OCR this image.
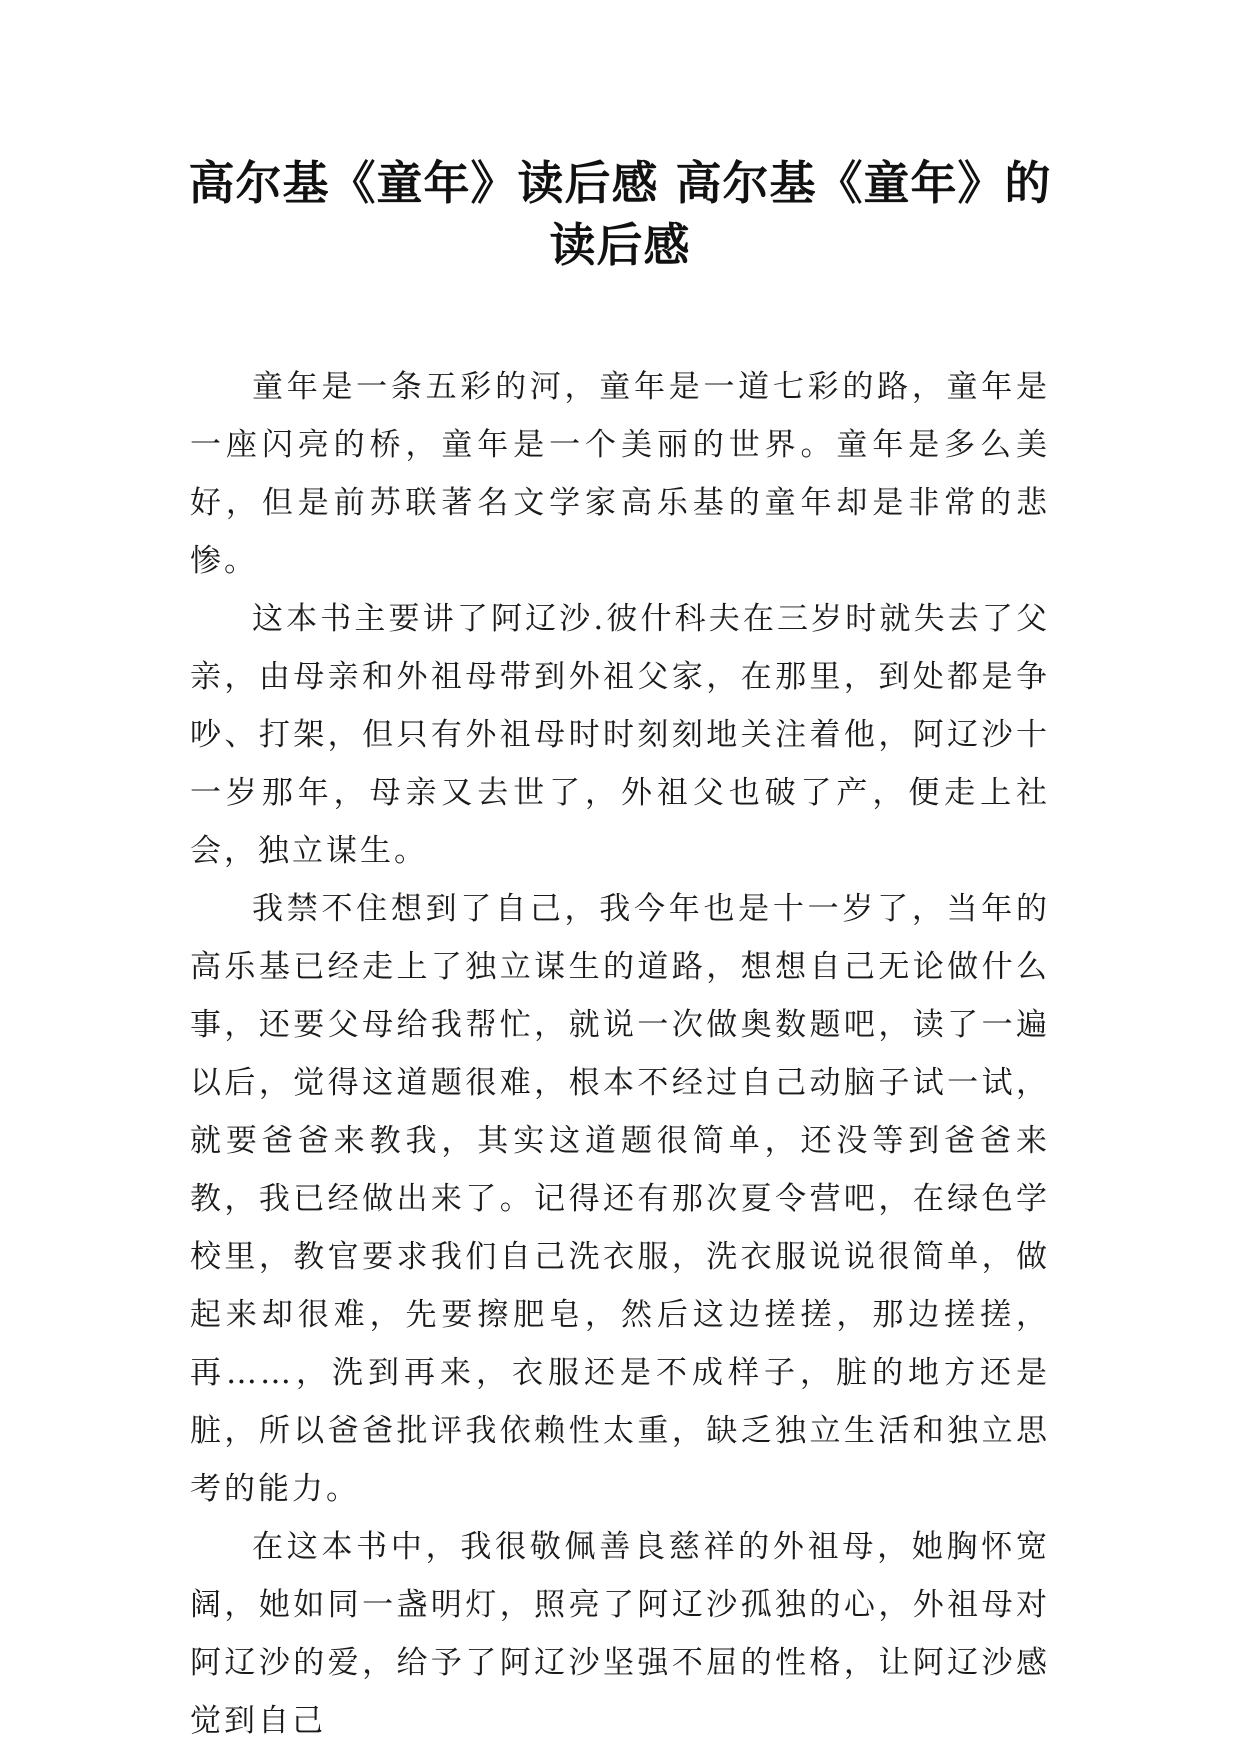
高尔基《童年》读后感 高尔基《童年》的读后感

童年是一条五彩的河，童年是一道七彩的路，童年是一座闪亮的桥，童年是一个美丽的世界。童年是多么美好，但是前苏联著名文学家高乐基的童年却是非常的悲惨。

这本书主要讲了阿辽沙.彼什科夫在三岁时就失去了父亲，由母亲和外祖母带到外祖父家，在那里，到处都是争吵、打架，但只有外祖母时时刻刻地关注着他，阿辽沙十一岁那年，母亲又去世了，外祖父也破了产，便走上社会，独立谋生。

我禁不住想到了自己，我今年也是十一岁了，当年的高乐基已经走上了独立谋生的道路，想想自己无论做什么事，还要父母给我帮忙，就说一次做奥数题吧，读了一遍以后，觉得这道题很难，根本不经过自己动脑子试一试，就要爸爸来教我，其实这道题很简单，还没等到爸爸来教，我已经做出来了。记得还有那次夏令营吧，在绿色学校里，教官要求我们自己洗衣服，洗衣服说说很简单，做起来却很难，先要擦肥皂，然后这边搓搓，那边搓搓，再……，洗到再来，衣服还是不成样子，脏的地方还是脏，所以爸爸批评我依赖性太重，缺乏独立生活和独立思考的能力。

在这本书中，我很敬佩善良慈祥的外祖母，她胸怀宽阔，她如同一盏明灯，照亮了阿辽沙孤独的心，外祖母对阿辽沙的爱，给予了阿辽沙坚强不屈的性格，让阿辽沙感觉到自己
